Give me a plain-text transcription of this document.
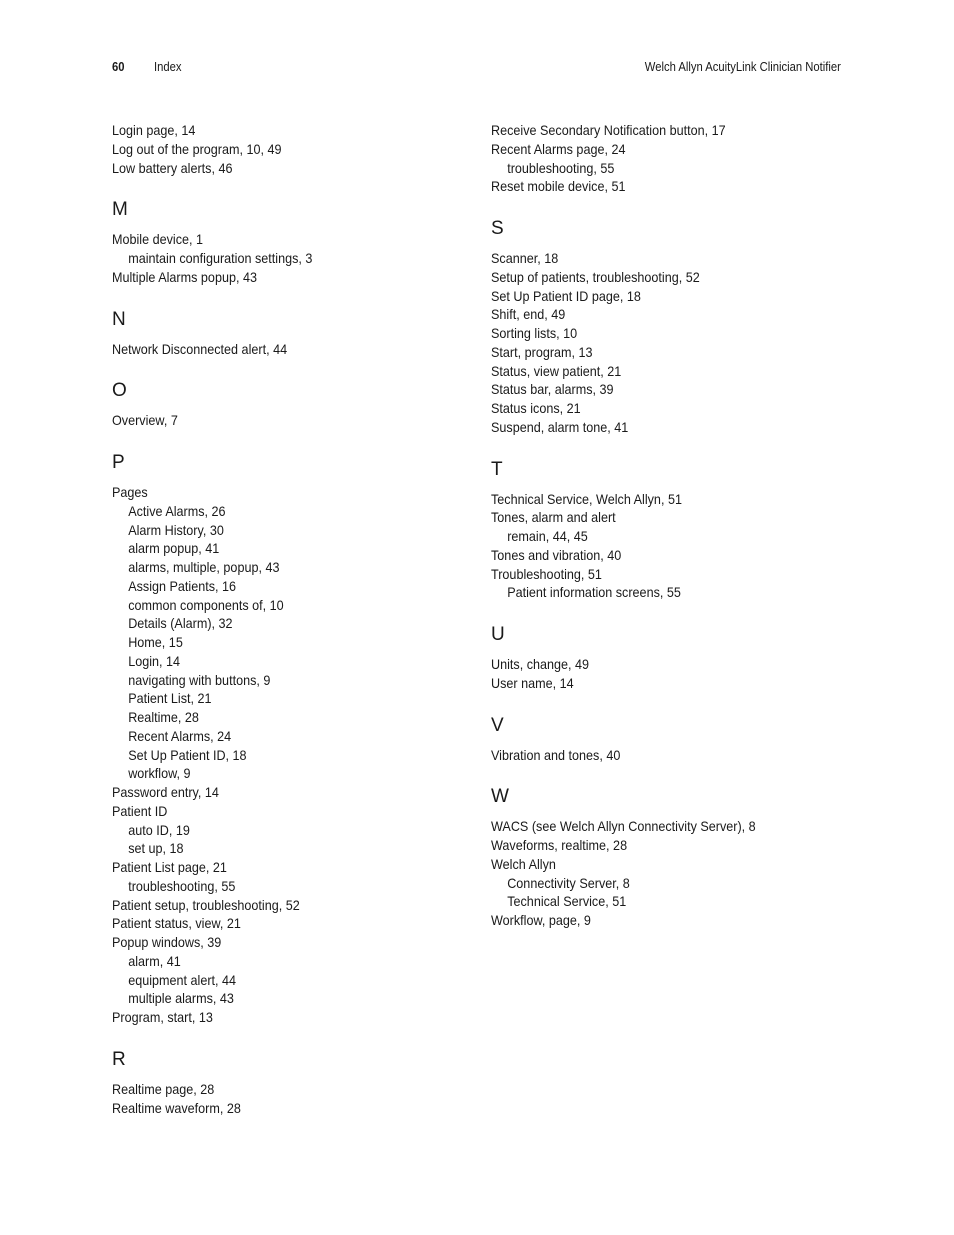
60 Index	Welch Allyn AcuityLink Clinician Notifier
Login page, 14
Log out of the program, 10, 49
Low battery alerts, 46
M
Mobile device, 1
maintain configuration settings, 3
Multiple Alarms popup, 43
N
Network Disconnected alert, 44
O
Overview, 7
P
Pages
Active Alarms, 26
Alarm History, 30
alarm popup, 41
alarms, multiple, popup, 43
Assign Patients, 16
common components of, 10
Details (Alarm), 32
Home, 15
Login, 14
navigating with buttons, 9
Patient List, 21
Realtime, 28
Recent Alarms, 24
Set Up Patient ID, 18
workflow, 9
Password entry, 14
Patient ID
auto ID, 19
set up, 18
Patient List page, 21
troubleshooting, 55
Patient setup, troubleshooting, 52
Patient status, view, 21
Popup windows, 39
alarm, 41
equipment alert, 44
multiple alarms, 43
Program, start, 13
R
Realtime page, 28
Realtime waveform, 28
Receive Secondary Notification button, 17
Recent Alarms page, 24
troubleshooting, 55
Reset mobile device, 51
S
Scanner, 18
Setup of patients, troubleshooting, 52
Set Up Patient ID page, 18
Shift, end, 49
Sorting lists, 10
Start, program, 13
Status, view patient, 21
Status bar, alarms, 39
Status icons, 21
Suspend, alarm tone, 41
T
Technical Service, Welch Allyn, 51
Tones, alarm and alert
remain, 44, 45
Tones and vibration, 40
Troubleshooting, 51
Patient information screens, 55
U
Units, change, 49
User name, 14
V
Vibration and tones, 40
W
WACS (see Welch Allyn Connectivity Server), 8
Waveforms, realtime, 28
Welch Allyn
Connectivity Server, 8
Technical Service, 51
Workflow, page, 9
